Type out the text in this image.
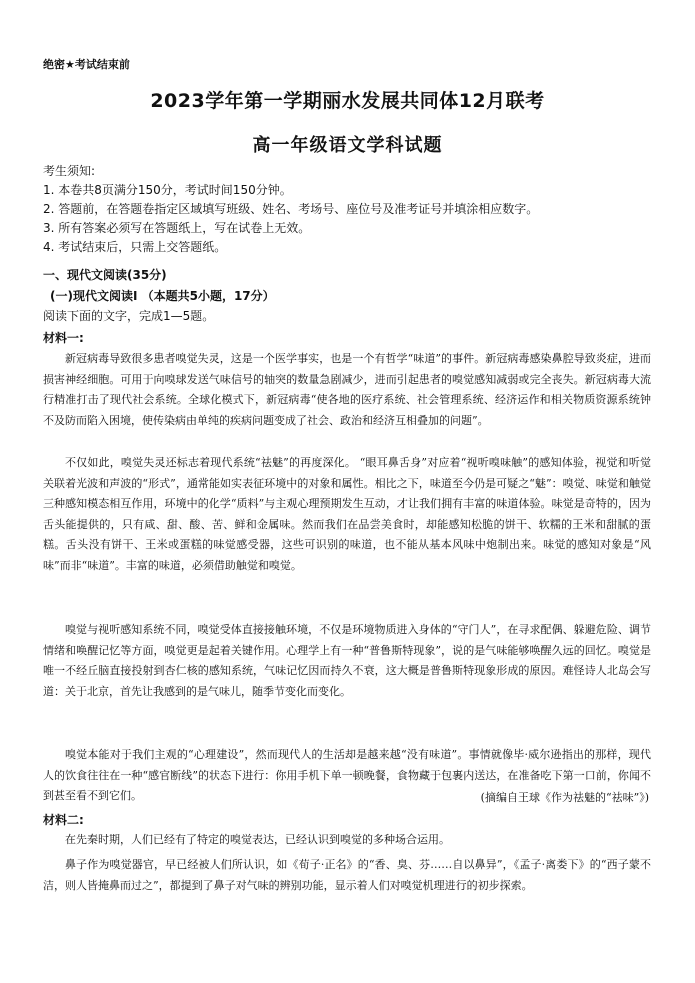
绝密★考试结束前
2023学年第一学期丽水发展共同体12月联考
高一年级语文学科试题
考生须知:
1. 本卷共8页满分150分，考试时间150分钟。
2. 答题前，在答题卷指定区域填写班级、姓名、考场号、座位号及准考证号并填涂相应数字。
3. 所有答案必须写在答题纸上，写在试卷上无效。
4. 考试结束后，只需上交答题纸。
一、现代文阅读(35分)
(一)现代文阅读I （本题共5小题，17分）
阅读下面的文字，完成1—5题。
材料一:

新冠病毒导致很多患者嗅觉失灵，这是一个医学事实，也是一个有哲学“味道”的事件。新冠病毒感染鼻腔导致炎症，进而损害神经细胞。可用于向嗅球发送气味信号的轴突的数量急剧减少，进而引起患者的嗅觉感知减弱或完全丧失。新冠病毒大流行精准打击了现代社会系统。全球化模式下，新冠病毒“使各地的医疗系统、社会管理系统、经济运作和相关物质资源系统钟不及防而陷入困境，使传染病由单纯的疾病问题变成了社会、政治和经济互相叠加的问题”。

不仅如此，嗅觉失灵还标志着现代系统“祛魅”的再度深化。 “眼耳鼻舌身”对应着“视听嗅味触”的感知体验，视觉和听觉关联着光波和声波的“形式”，通常能如实表征环境中的对象和属性。相比之下，味道至今仍是可疑之“魅”：嗅觉、味觉和触觉三种感知模态相互作用，环境中的化学“质料”与主观心理预期发生互动，才让我们拥有丰富的味道体验。味觉是奇特的，因为舌头能提供的，只有咸、甜、酸、苦、鲜和金属味。然而我们在品尝美食时，却能感知松脆的饼干、软糯的王米和甜腻的蛋糕。舌头没有饼干、王米或蛋糕的味觉感受器，这些可识别的味道，也不能从基本风味中炮制出来。味觉的感知对象是“风味”而非“味道”。丰富的味道，必须借助触觉和嗅觉。

嗅觉与视听感知系统不同，嗅觉受体直接接触环境，不仅是环境物质进入身体的“守门人”，在寻求配偶、躲避危险、调节情绪和唤醒记忆等方面，嗅觉更是起着关键作用。心理学上有一种“普鲁斯特现象”，说的是气味能够唤醒久远的回忆。嗅觉是唯一不经丘脑直接投射到杏仁核的感知系统，气味记忆因而持久不衰，这大概是普鲁斯特现象形成的原因。难怪诗人北岛会写道：关于北京，首先让我感到的是气味儿，随季节变化而变化。

嗅觉本能对于我们主观的“心理建设”，然而现代人的生活却是越来越“没有味道”。事情就像毕·威尔逊指出的那样，现代人的饮食往往在一种“感官断线”的状态下进行：你用手机下单一顿晚餐，食物藏于包裹内送达，在准备吃下第一口前，你闻不到甚至看不到它们。	(摘编自王球《作为祛魅的“祛味”》)
材料二:

在先秦时期，人们已经有了特定的嗅觉表达，已经认识到嗅觉的多种场合运用。

鼻子作为嗅觉器官，早已经被人们所认识，如《荀子·正名》的“香、臭、芬……自以鼻异”，《孟子·离娄下》的“西子蒙不洁，则人皆掩鼻而过之”，都提到了鼻子对气味的辨别功能，显示着人们对嗅觉机理进行的初步探索。
